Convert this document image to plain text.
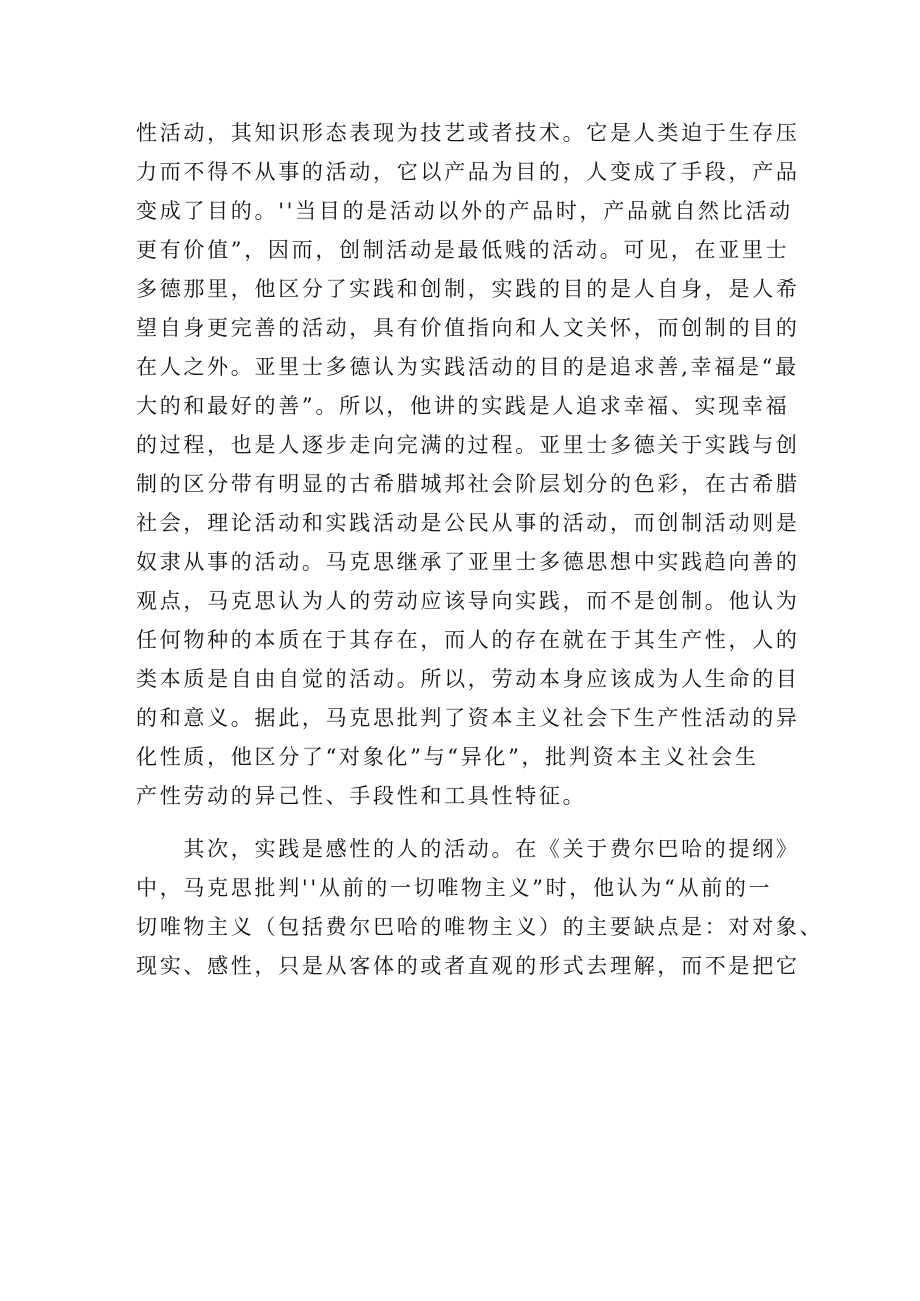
性活动，其知识形态表现为技艺或者技术。它是人类迫于生存压
力而不得不从事的活动，它以产品为目的，人变成了手段，产品
变成了目的。''当目的是活动以外的产品时，产品就自然比活动
更有价值”，因而，创制活动是最低贱的活动。可见，在亚里士
多德那里，他区分了实践和创制，实践的目的是人自身，是人希
望自身更完善的活动，具有价值指向和人文关怀，而创制的目的
在人之外。亚里士多德认为实践活动的目的是追求善,幸福是“最
大的和最好的善”。所以，他讲的实践是人追求幸福、实现幸福
的过程，也是人逐步走向完满的过程。亚里士多德关于实践与创
制的区分带有明显的古希腊城邦社会阶层划分的色彩，在古希腊
社会，理论活动和实践活动是公民从事的活动，而创制活动则是
奴隶从事的活动。马克思继承了亚里士多德思想中实践趋向善的
观点，马克思认为人的劳动应该导向实践，而不是创制。他认为
任何物种的本质在于其存在，而人的存在就在于其生产性，人的
类本质是自由自觉的活动。所以，劳动本身应该成为人生命的目
的和意义。据此，马克思批判了资本主义社会下生产性活动的异
化性质，他区分了“对象化”与“异化”，批判资本主义社会生
产性劳动的异己性、手段性和工具性特征。
　　其次，实践是感性的人的活动。在《关于费尔巴哈的提纲》
中，马克思批判''从前的一切唯物主义”时，他认为“从前的一
切唯物主义（包括费尔巴哈的唯物主义）的主要缺点是：对对象、
现实、感性，只是从客体的或者直观的形式去理解，而不是把它
